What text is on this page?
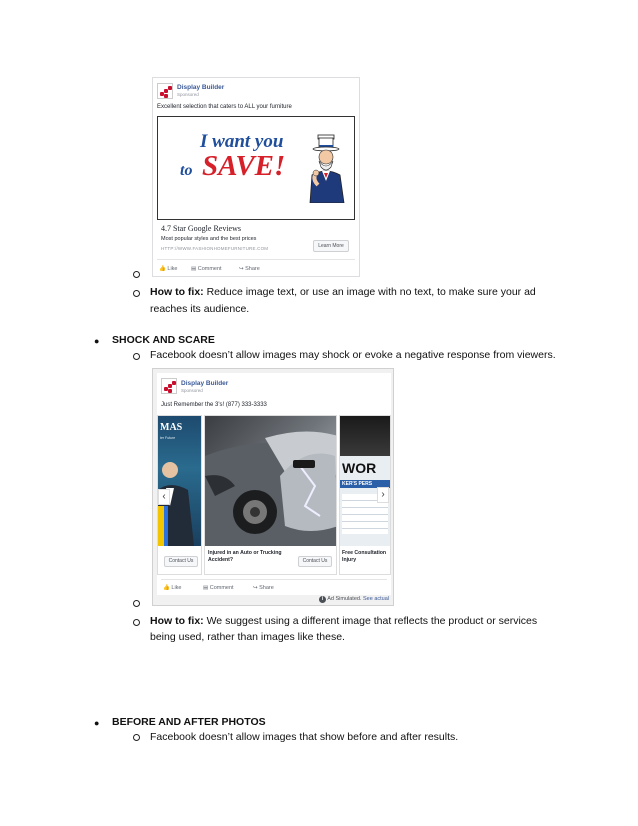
Display Builder
Sponsored
Excellent selection that caters to ALL your furniture
I want you
to SAVE!
4.7 Star Google Reviews
Most popular styles and the best prices
HTTP://WWW.FASHIONHOMEFURNITURE.COM	Learn More
👍 Like ▤ Comment	↪ Share
How to fix: Reduce image text, or use an image with no text, to make sure your ad
reaches its audience.
● SHOCK AND SCARE
Facebook doesn’t allow images may shock or evoke a negative response from viewers.
Display Builder
Sponsored
Just Remember the 3's! (877) 333-3333
MAS
ter Future
Contact Us
‹
Injured in an Auto or Trucking Accident?	Contact Us
WOR
KER'S PERS
Free Consultation Injury
›
👍 Like	▤ Comment	↪ Share
i Ad Simulated. See actual
How to fix: We suggest using a different image that reflects the product or services
being used, rather than images like these.
● BEFORE AND AFTER PHOTOS
Facebook doesn’t allow images that show before and after results.
